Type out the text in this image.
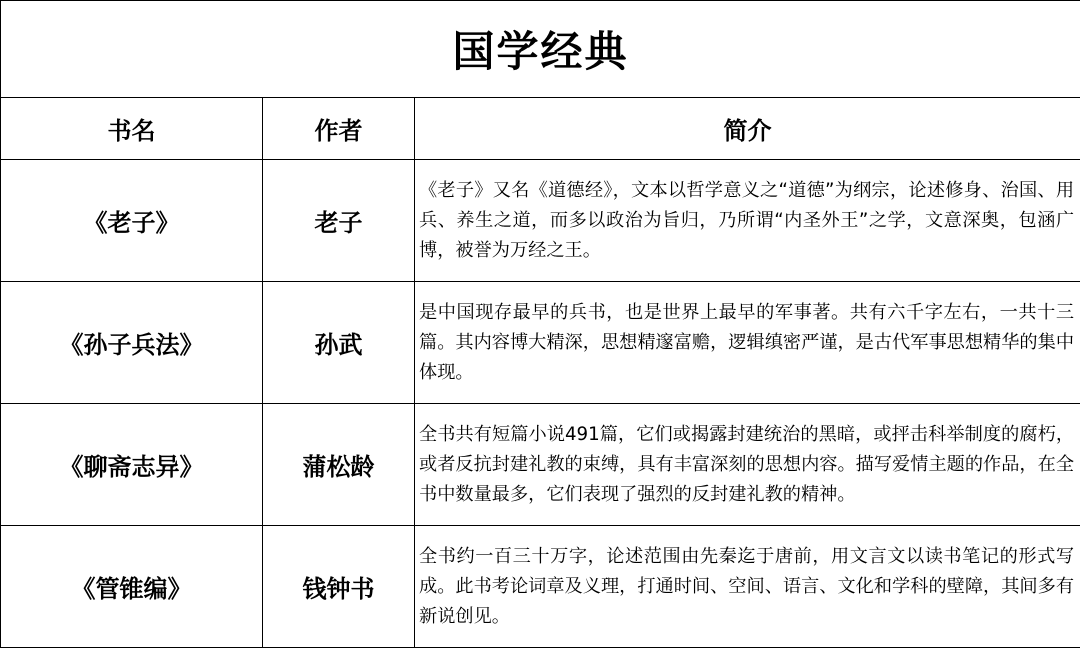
国学经典		
书名	作者	简介
《老子》	老子	《老子》又名《道德经》，文本以哲学意义之“道德”为纲宗，论述修身、治国、用兵、养生之道，而多以政治为旨归，乃所谓“内圣外王”之学，文意深奥，包涵广博，被誉为万经之王。
《孙子兵法》	孙武	是中国现存最早的兵书，也是世界上最早的军事著。共有六千字左右，一共十三篇。其内容博大精深，思想精邃富赡，逻辑缜密严谨，是古代军事思想精华的集中体现。
《聊斋志异》	蒲松龄	全书共有短篇小说491篇，它们或揭露封建统治的黑暗，或抨击科举制度的腐朽，或者反抗封建礼教的束缚，具有丰富深刻的思想内容。描写爱情主题的作品，在全书中数量最多，它们表现了强烈的反封建礼教的精神。
《管锥编》	钱钟书	全书约一百三十万字，论述范围由先秦迄于唐前，用文言文以读书笔记的形式写成。此书考论词章及义理，打通时间、空间、语言、文化和学科的壁障，其间多有新说创见。
